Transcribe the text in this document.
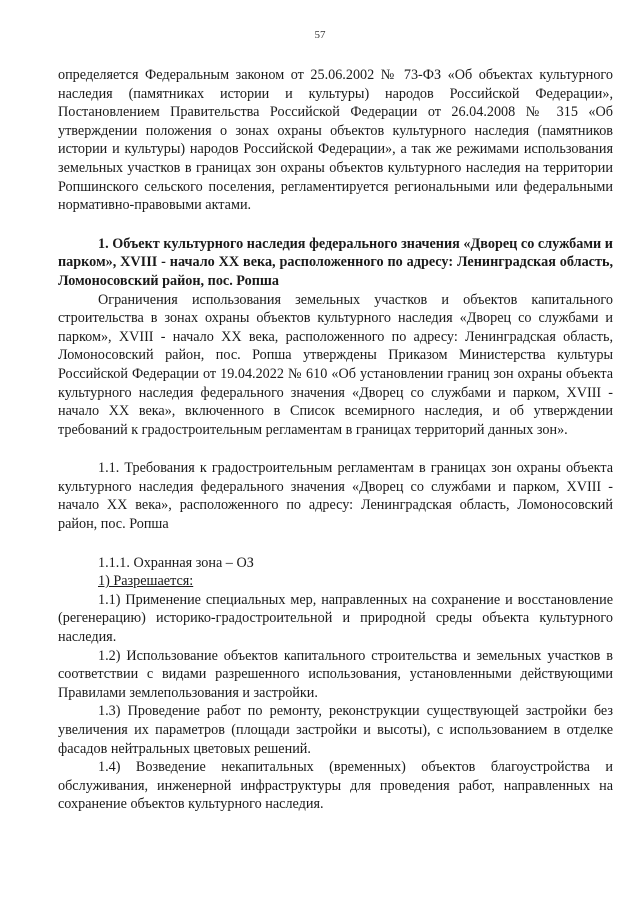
57

определяется Федеральным законом от 25.06.2002 № 73-ФЗ «Об объектах культурного наследия (памятниках истории и культуры) народов Российской Федерации», Постановлением Правительства Российской Федерации от 26.04.2008 № 315 «Об утверждении положения о зонах охраны объектов культурного наследия (памятников истории и культуры) народов Российской Федерации», а так же режимами использования земельных участков в границах зон охраны объектов культурного наследия на территории Ропшинского сельского поселения, регламентируется региональными или федеральными нормативно-правовыми актами.

1. Объект культурного наследия федерального значения «Дворец со службами и парком», XVIII - начало XX века, расположенного по адресу: Ленинградская область, Ломоносовский район, пос. Ропша

Ограничения использования земельных участков и объектов капитального строительства в зонах охраны объектов культурного наследия «Дворец со службами и парком», XVIII - начало XX века, расположенного по адресу: Ленинградская область, Ломоносовский район, пос. Ропша утверждены Приказом Министерства культуры Российской Федерации от 19.04.2022 № 610 «Об установлении границ зон охраны объекта культурного наследия федерального значения «Дворец со службами и парком, XVIII - начало XX века», включенного в Список всемирного наследия, и об утверждении требований к градостроительным регламентам в границах территорий данных зон».

1.1. Требования к градостроительным регламентам в границах зон охраны объекта культурного наследия федерального значения «Дворец со службами и парком, XVIII - начало XX века», расположенного по адресу: Ленинградская область, Ломоносовский район, пос. Ропша

1.1.1. Охранная зона – ОЗ

1) Разрешается:

1.1) Применение специальных мер, направленных на сохранение и восстановление (регенерацию) историко-градостроительной и природной среды объекта культурного наследия.

1.2) Использование объектов капитального строительства и земельных участков в соответствии с видами разрешенного использования, установленными действующими Правилами землепользования и застройки.

1.3) Проведение работ по ремонту, реконструкции существующей застройки без увеличения их параметров (площади застройки и высоты), с использованием в отделке фасадов нейтральных цветовых решений.

1.4) Возведение некапитальных (временных) объектов благоустройства и обслуживания, инженерной инфраструктуры для проведения работ, направленных на сохранение объектов культурного наследия.
